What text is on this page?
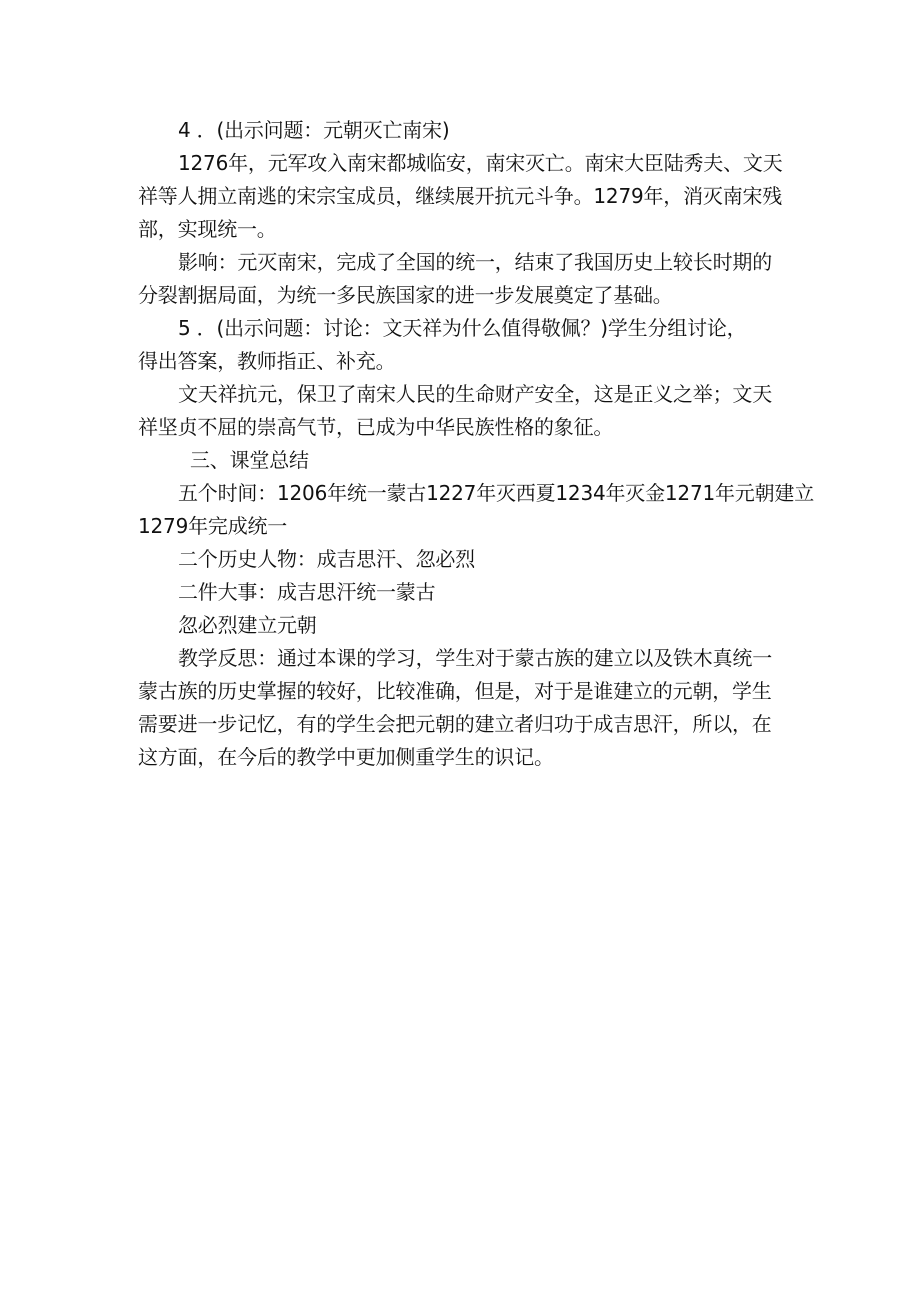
4 ．(出示问题：元朝灭亡南宋)
1276年，元军攻入南宋都城临安，南宋灭亡。南宋大臣陆秀夫、文天
祥等人拥立南逃的宋宗宝成员，继续展开抗元斗争。1279年，消灭南宋残
部，实现统一。
影响：元灭南宋，完成了全国的统一，结束了我国历史上较长时期的
分裂割据局面，为统一多民族国家的进一步发展奠定了基础。
5 ．(出示问题：讨论：文天祥为什么值得敬佩？)学生分组讨论，
得出答案，教师指正、补充。
文天祥抗元，保卫了南宋人民的生命财产安全，这是正义之举；文天
祥坚贞不屈的崇高气节，已成为中华民族性格的象征。
三、课堂总结
五个时间：1206年统一蒙古1227年灭西夏1234年灭金1271年元朝建立
1279年完成统一
二个历史人物：成吉思汗、忽必烈
二件大事：成吉思汗统一蒙古
忽必烈建立元朝
教学反思：通过本课的学习，学生对于蒙古族的建立以及铁木真统一
蒙古族的历史掌握的较好，比较准确，但是，对于是谁建立的元朝，学生
需要进一步记忆，有的学生会把元朝的建立者归功于成吉思汗，所以，在
这方面，在今后的教学中更加侧重学生的识记。
